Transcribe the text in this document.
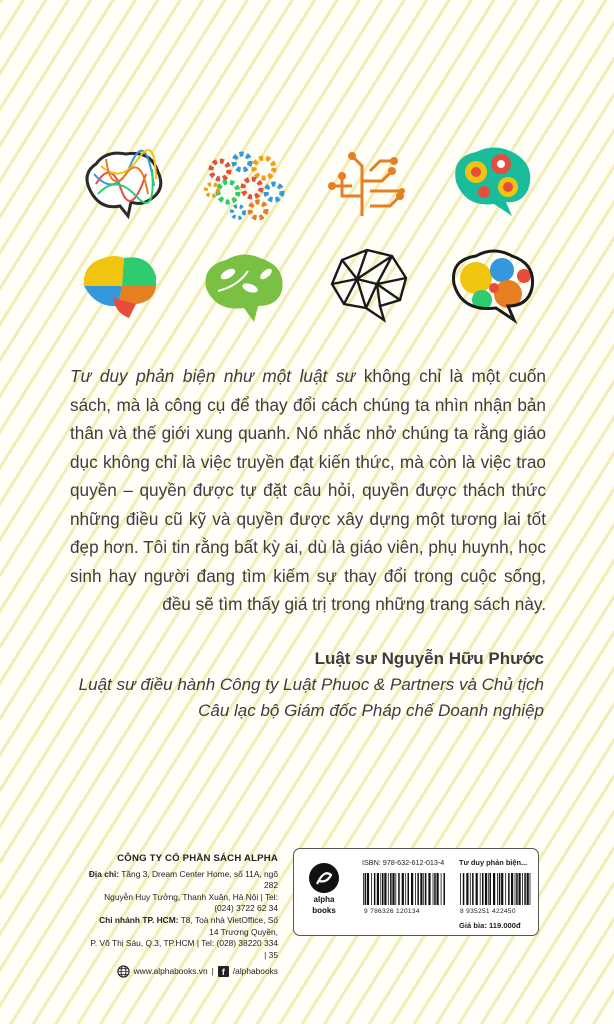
Tư duy phản biện như một luật sư không chỉ là một cuốn sách, mà là công cụ để thay đổi cách chúng ta nhìn nhận bản thân và thế giới xung quanh. Nó nhắc nhở chúng ta rằng giáo dục không chỉ là việc truyền đạt kiến thức, mà còn là việc trao quyền – quyền được tự đặt câu hỏi, quyền được thách thức những điều cũ kỹ và quyền được xây dựng một tương lai tốt đẹp hơn. Tôi tin rằng bất kỳ ai, dù là giáo viên, phụ huynh, học sinh hay người đang tìm kiếm sự thay đổi trong cuộc sống, đều sẽ tìm thấy giá trị trong những trang sách này.

Luật sư Nguyễn Hữu Phước
Luật sư điều hành Công ty Luật Phuoc & Partners và Chủ tịch
Câu lạc bộ Giám đốc Pháp chế Doanh nghiệp
CÔNG TY CỔ PHẦN SÁCH ALPHA
Địa chỉ: Tầng 3, Dream Center Home, số 11A, ngõ 282
Nguyễn Huy Tưởng, Thanh Xuân, Hà Nội | Tel: (024) 3722 62 34
Chi nhánh TP. HCM: T8, Toà nhà VietOffice, Số 14 Trương Quyền,
P. Võ Thị Sáu, Q.3, TP.HCM | Tel: (028) 38220 334 | 35
www.alphabooks.vn | f /alphabooks
alpha
books
ISBN: 978-632-612-013-4 Tư duy phản biện...
9 786326 120134	8 935251 422450
Giá bìa: 119.000đ
